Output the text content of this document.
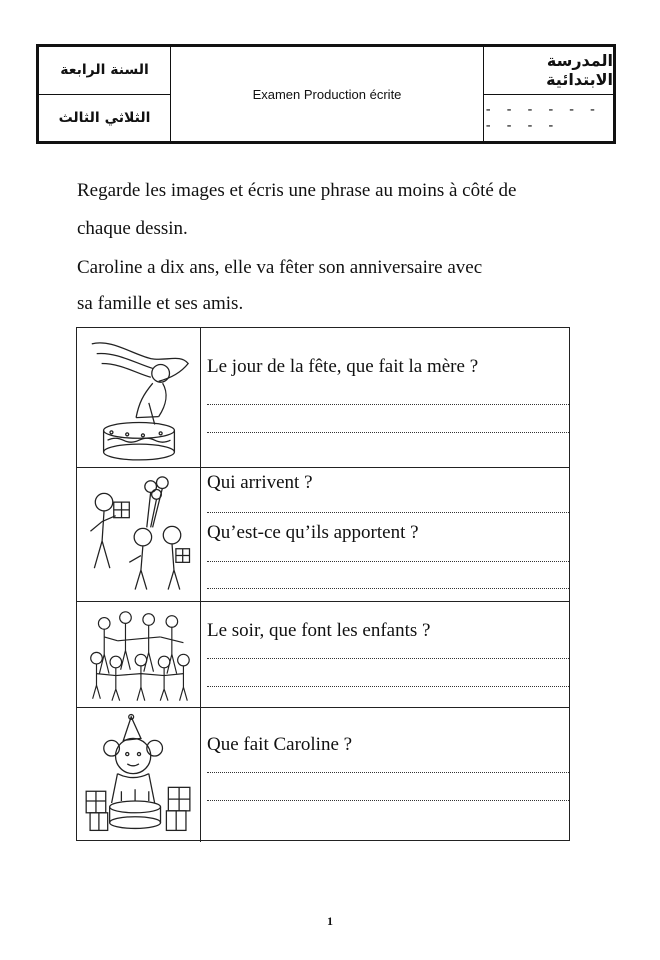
السنة الرابعة
الثلاثي الثالث
Examen Production écrite
المدرسة الابتدائية
- - - - - - - - - -
Regarde les images et écris une phrase au moins à côté de
chaque dessin.
Caroline a dix ans, elle va fêter son anniversaire avec
sa famille et ses amis.
Le jour de la fête, que fait la mère ?
Qui arrivent ?
Qu’est-ce qu’ils apportent ?
Le soir, que font les enfants ?
Que fait Caroline ?
1
